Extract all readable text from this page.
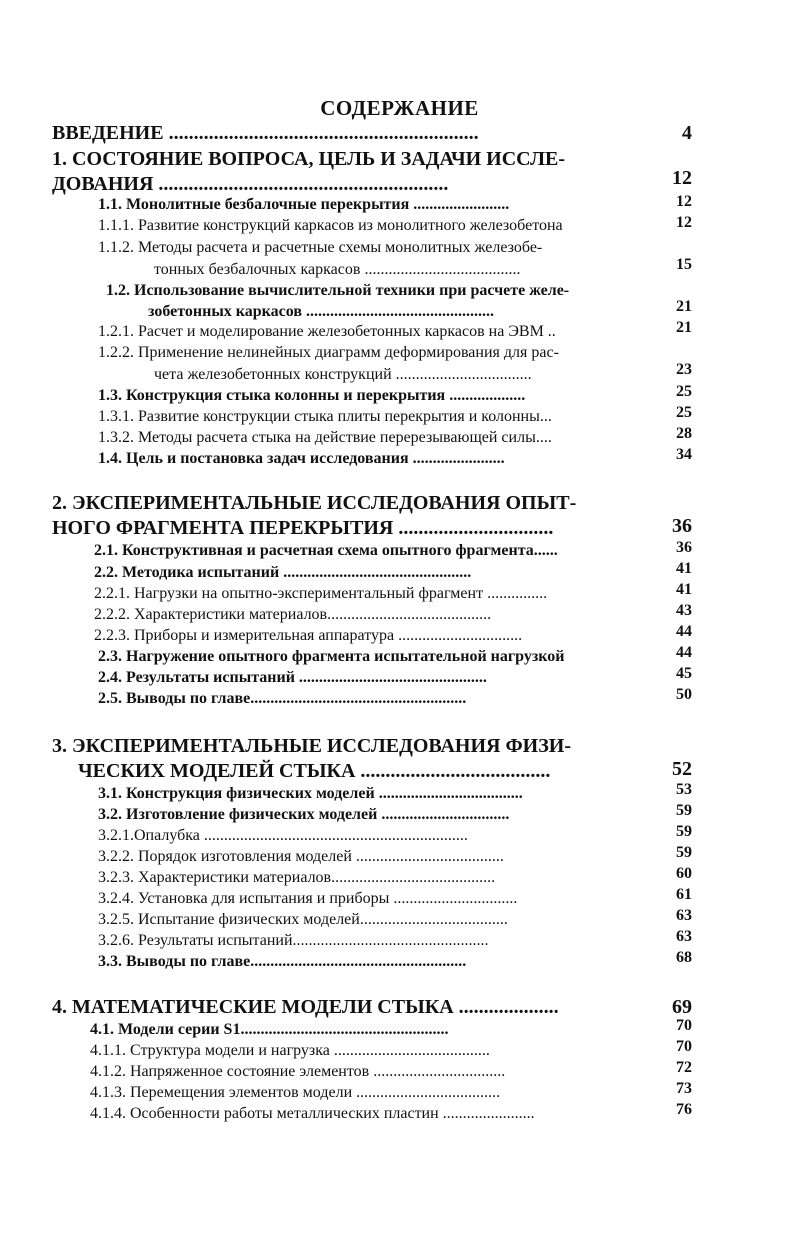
СОДЕРЖАНИЕ
ВВЕДЕНИЕ ..............................................................	4
1. СОСТОЯНИЕ ВОПРОСА, ЦЕЛЬ И ЗАДАЧИ ИССЛЕ-
ДОВАНИЯ ..........................................................	12
1.1. Монолитные безбалочные перекрытия ........................	12
1.1.1. Развитие конструкций каркасов из монолитного железобетона	12
1.1.2. Методы расчета и расчетные схемы монолитных железобе-
тонных безбалочных каркасов .......................................	15
1.2. Использование вычислительной техники при расчете желе-
зобетонных каркасов ...............................................	21
1.2.1. Расчет и моделирование железобетонных каркасов на ЭВМ ..	21
1.2.2. Применение нелинейных диаграмм деформирования для рас-
чета железобетонных конструкций ..................................	23
1.3. Конструкция стыка колонны и перекрытия ...................	25
1.3.1. Развитие конструкции стыка плиты перекрытия и колонны...	25
1.3.2. Методы расчета стыка на действие перерезывающей силы....	28
1.4. Цель и постановка задач исследования .......................	34
2. ЭКСПЕРИМЕНТАЛЬНЫЕ ИССЛЕДОВАНИЯ ОПЫТ-
НОГО ФРАГМЕНТА ПЕРЕКРЫТИЯ ...............................	36
2.1. Конструктивная и расчетная схема опытного фрагмента......	36
2.2. Методика испытаний ...............................................	41
2.2.1. Нагрузки на опытно-экспериментальный фрагмент ...............	41
2.2.2. Характеристики материалов.........................................	43
2.2.3. Приборы и измерительная аппаратура ...............................	44
2.3. Нагружение опытного фрагмента испытательной нагрузкой	44
2.4. Результаты испытаний ...............................................	45
2.5. Выводы по главе......................................................	50
3. ЭКСПЕРИМЕНТАЛЬНЫЕ ИССЛЕДОВАНИЯ ФИЗИ-
ЧЕСКИХ МОДЕЛЕЙ СТЫКА ......................................	52
3.1. Конструкция физических моделей ....................................	53
3.2. Изготовление физических моделей ................................	59
3.2.1.Опалубка ..................................................................	59
3.2.2. Порядок изготовления моделей .....................................	59
3.2.3. Характеристики материалов.........................................	60
3.2.4. Установка для испытания и приборы ...............................	61
3.2.5. Испытание физических моделей.....................................	63
3.2.6. Результаты испытаний.................................................	63
3.3. Выводы по главе......................................................	68
4. МАТЕМАТИЧЕСКИЕ МОДЕЛИ СТЫКА ....................	69
4.1. Модели серии S1....................................................	70
4.1.1. Структура модели и нагрузка .......................................	70
4.1.2. Напряженное состояние элементов .................................	72
4.1.3. Перемещения элементов модели ....................................	73
4.1.4. Особенности работы металлических пластин .......................	76
